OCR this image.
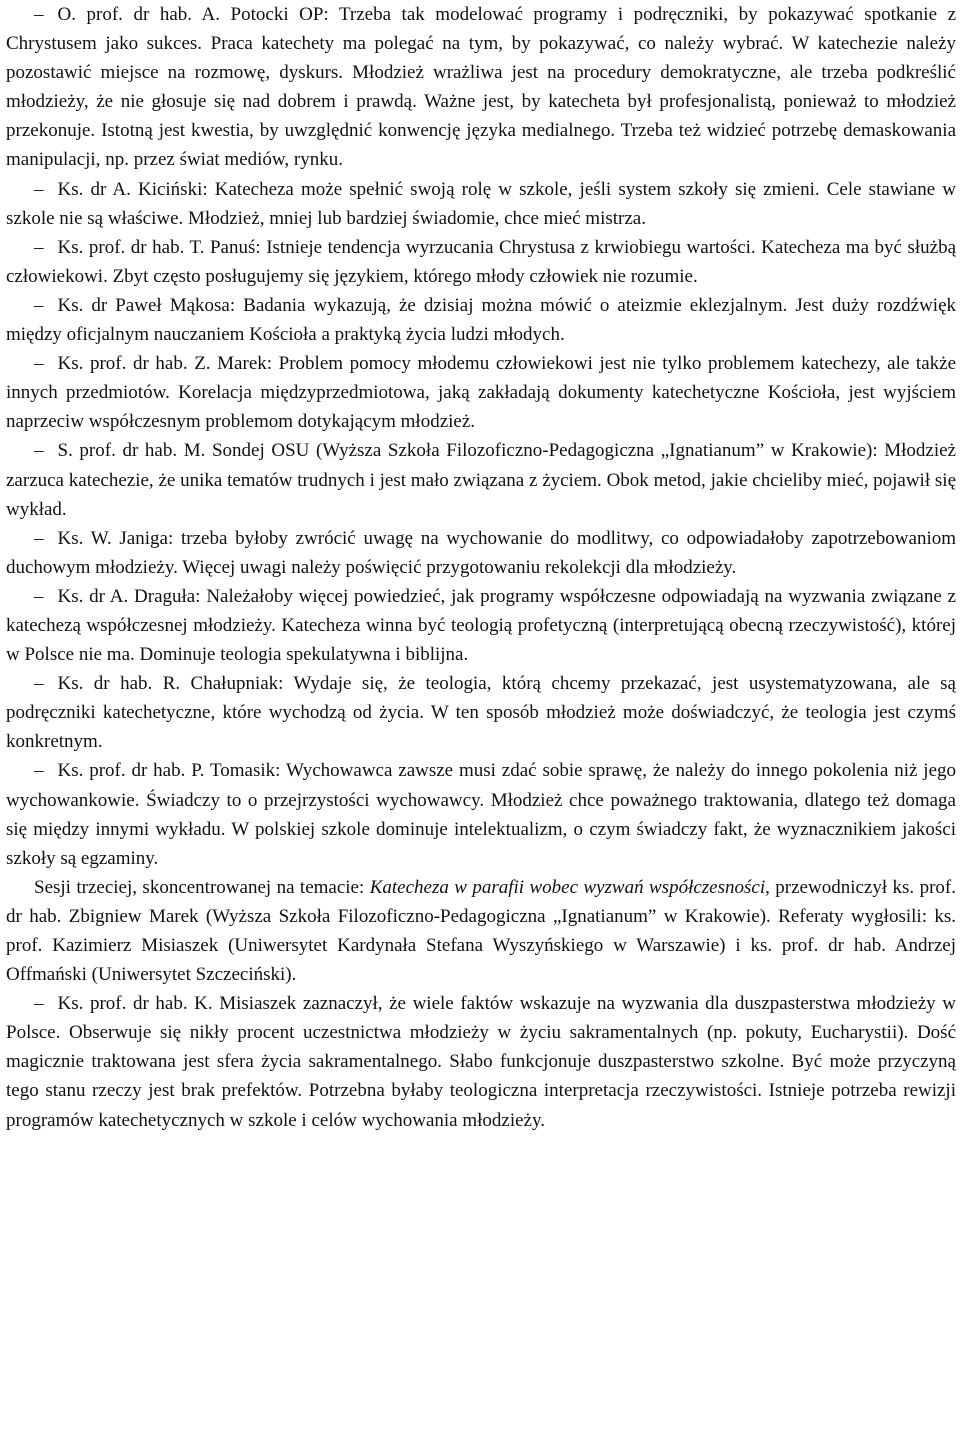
–O. prof. dr hab. A. Potocki OP: Trzeba tak modelować programy i podręczniki, by pokazywać spotkanie z Chrystusem jako sukces. Praca katechety ma polegać na tym, by pokazywać, co należy wybrać. W katechezie należy pozostawić miejsce na rozmowę, dyskurs. Młodzież wrażliwa jest na procedury demokratyczne, ale trzeba podkreślić młodzieży, że nie głosuje się nad dobrem i prawdą. Ważne jest, by katecheta był profesjonalistą, ponieważ to młodzież przekonuje. Istotną jest kwestia, by uwzględnić konwencję języka medialnego. Trzeba też widzieć potrzebę demaskowania manipulacji, np. przez świat mediów, rynku.

–Ks. dr A. Kiciński: Katecheza może spełnić swoją rolę w szkole, jeśli system szkoły się zmieni. Cele stawiane w szkole nie są właściwe. Młodzież, mniej lub bardziej świadomie, chce mieć mistrza.

–Ks. prof. dr hab. T. Panuś: Istnieje tendencja wyrzucania Chrystusa z krwiobiegu wartości. Katecheza ma być służbą człowiekowi. Zbyt często posługujemy się językiem, którego młody człowiek nie rozumie.

–Ks. dr Paweł Mąkosa: Badania wykazują, że dzisiaj można mówić o ateizmie eklezjalnym. Jest duży rozdźwięk między oficjalnym nauczaniem Kościoła a praktyką życia ludzi młodych.

–Ks. prof. dr hab. Z. Marek: Problem pomocy młodemu człowiekowi jest nie tylko problemem katechezy, ale także innych przedmiotów. Korelacja międzyprzedmiotowa, jaką zakładają dokumenty katechetyczne Kościoła, jest wyjściem naprzeciw współczesnym problemom dotykającym młodzież.

–S. prof. dr hab. M. Sondej OSU (Wyższa Szkoła Filozoficzno-Pedagogiczna „Ignatianum” w Krakowie): Młodzież zarzuca katechezie, że unika tematów trudnych i jest mało związana z życiem. Obok metod, jakie chcieliby mieć, pojawił się wykład.

–Ks. W. Janiga: trzeba byłoby zwrócić uwagę na wychowanie do modlitwy, co odpowiadałoby zapotrzebowaniom duchowym młodzieży. Więcej uwagi należy poświęcić przygotowaniu rekolekcji dla młodzieży.

–Ks. dr A. Draguła: Należałoby więcej powiedzieć, jak programy współczesne odpowiadają na wyzwania związane z katechezą współczesnej młodzieży. Katecheza winna być teologią profetyczną (interpretującą obecną rzeczywistość), której w Polsce nie ma. Dominuje teologia spekulatywna i biblijna.

–Ks. dr hab. R. Chałupniak: Wydaje się, że teologia, którą chcemy przekazać, jest usystematyzowana, ale są podręczniki katechetyczne, które wychodzą od życia. W ten sposób młodzież może doświadczyć, że teologia jest czymś konkretnym.

–Ks. prof. dr hab. P. Tomasik: Wychowawca zawsze musi zdać sobie sprawę, że należy do innego pokolenia niż jego wychowankowie. Świadczy to o przejrzystości wychowawcy. Młodzież chce poważnego traktowania, dlatego też domaga się między innymi wykładu. W polskiej szkole dominuje intelektualizm, o czym świadczy fakt, że wyznacznikiem jakości szkoły są egzaminy.

Sesji trzeciej, skoncentrowanej na temacie: Katecheza w parafii wobec wyzwań współczesności, przewodniczył ks. prof. dr hab. Zbigniew Marek (Wyższa Szkoła Filozoficzno-Pedagogiczna „Ignatianum” w Krakowie). Referaty wygłosili: ks. prof. Kazimierz Misiaszek (Uniwersytet Kardynała Stefana Wyszyńskiego w Warszawie) i ks. prof. dr hab. Andrzej Offmański (Uniwersytet Szczeciński).

–Ks. prof. dr hab. K. Misiaszek zaznaczył, że wiele faktów wskazuje na wyzwania dla duszpasterstwa młodzieży w Polsce. Obserwuje się nikły procent uczestnictwa młodzieży w życiu sakramentalnych (np. pokuty, Eucharystii). Dość magicznie traktowana jest sfera życia sakramentalnego. Słabo funkcjonuje duszpasterstwo szkolne. Być może przyczyną tego stanu rzeczy jest brak prefektów. Potrzebna byłaby teologiczna interpretacja rzeczywistości. Istnieje potrzeba rewizji programów katechetycznych w szkole i celów wychowania młodzieży.
